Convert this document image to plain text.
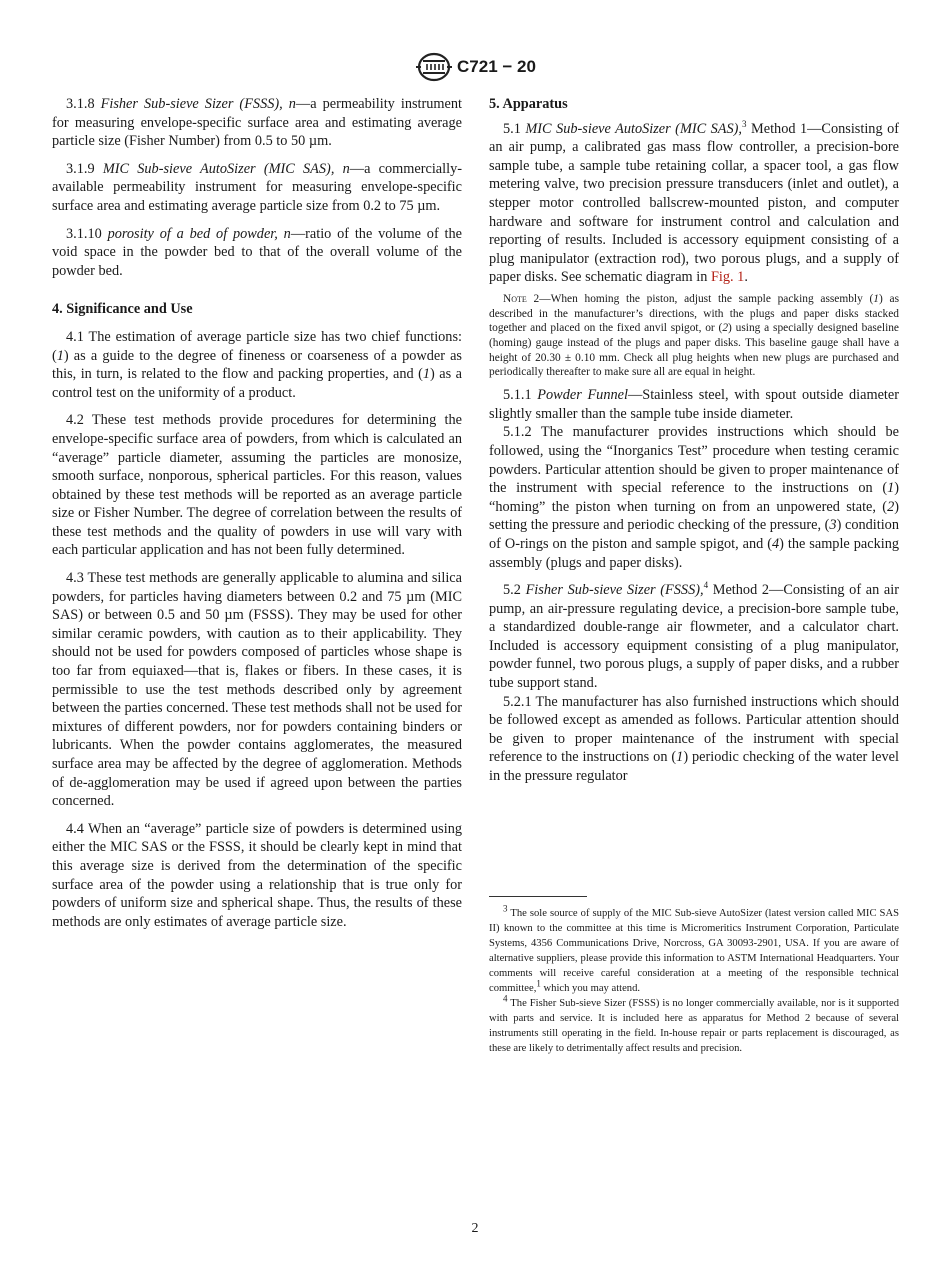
C721 − 20

3.1.8 Fisher Sub-sieve Sizer (FSSS), n—a permeability instrument for measuring envelope-specific surface area and estimating average particle size (Fisher Number) from 0.5 to 50 µm.

3.1.9 MIC Sub-sieve AutoSizer (MIC SAS), n—a commercially-available permeability instrument for measuring envelope-specific surface area and estimating average particle size from 0.2 to 75 µm.

3.1.10 porosity of a bed of powder, n—ratio of the volume of the void space in the powder bed to that of the overall volume of the powder bed.

4. Significance and Use

4.1 The estimation of average particle size has two chief functions: (1) as a guide to the degree of fineness or coarseness of a powder as this, in turn, is related to the flow and packing properties, and (1) as a control test on the uniformity of a product.

4.2 These test methods provide procedures for determining the envelope-specific surface area of powders, from which is calculated an “average” particle diameter, assuming the particles are monosize, smooth surface, nonporous, spherical particles. For this reason, values obtained by these test methods will be reported as an average particle size or Fisher Number. The degree of correlation between the results of these test methods and the quality of powders in use will vary with each particular application and has not been fully determined.

4.3 These test methods are generally applicable to alumina and silica powders, for particles having diameters between 0.2 and 75 µm (MIC SAS) or between 0.5 and 50 µm (FSSS). They may be used for other similar ceramic powders, with caution as to their applicability. They should not be used for powders composed of particles whose shape is too far from equiaxed—that is, flakes or fibers. In these cases, it is permissible to use the test methods described only by agreement between the parties concerned. These test methods shall not be used for mixtures of different powders, nor for powders containing binders or lubricants. When the powder contains agglomerates, the measured surface area may be affected by the degree of agglomeration. Methods of de-agglomeration may be used if agreed upon between the parties concerned.

4.4 When an “average” particle size of powders is determined using either the MIC SAS or the FSSS, it should be clearly kept in mind that this average size is derived from the determination of the specific surface area of the powder using a relationship that is true only for powders of uniform size and spherical shape. Thus, the results of these methods are only estimates of average particle size.

5. Apparatus

5.1 MIC Sub-sieve AutoSizer (MIC SAS),$^3$ Method 1—Consisting of an air pump, a calibrated gas mass flow controller, a precision-bore sample tube, a sample tube retaining collar, a spacer tool, a gas flow metering valve, two precision pressure transducers (inlet and outlet), a stepper motor controlled ballscrew-mounted piston, and computer hardware and software for instrument control and calculation and reporting of results. Included is accessory equipment consisting of a plug manipulator (extraction rod), two porous plugs, and a supply of paper disks. See schematic diagram in Fig. 1.

Note 2—When homing the piston, adjust the sample packing assembly (1) as described in the manufacturer’s directions, with the plugs and paper disks stacked together and placed on the fixed anvil spigot, or (2) using a specially designed baseline (homing) gauge instead of the plugs and paper disks. This baseline gauge shall have a height of 20.30 ± 0.10 mm. Check all plug heights when new plugs are purchased and periodically thereafter to make sure all are equal in height.

5.1.1 Powder Funnel—Stainless steel, with spout outside diameter slightly smaller than the sample tube inside diameter.

5.1.2 The manufacturer provides instructions which should be followed, using the “Inorganics Test” procedure when testing ceramic powders. Particular attention should be given to proper maintenance of the instrument with special reference to the instructions on (1) “homing” the piston when turning on from an unpowered state, (2) setting the pressure and periodic checking of the pressure, (3) condition of O-rings on the piston and sample spigot, and (4) the sample packing assembly (plugs and paper disks).

5.2 Fisher Sub-sieve Sizer (FSSS),$^4$ Method 2—Consisting of an air pump, an air-pressure regulating device, a precision-bore sample tube, a standardized double-range air flowmeter, and a calculator chart. Included is accessory equipment consisting of a plug manipulator, powder funnel, two porous plugs, a supply of paper disks, and a rubber tube support stand.

5.2.1 The manufacturer has also furnished instructions which should be followed except as amended as follows. Particular attention should be given to proper maintenance of the instrument with special reference to the instructions on (1) periodic checking of the water level in the pressure regulator

$^3$ The sole source of supply of the MIC Sub-sieve AutoSizer (latest version called MIC SAS II) known to the committee at this time is Micromeritics Instrument Corporation, Particulate Systems, 4356 Communications Drive, Norcross, GA 30093-2901, USA. If you are aware of alternative suppliers, please provide this information to ASTM International Headquarters. Your comments will receive careful consideration at a meeting of the responsible technical committee,$^1$ which you may attend.

$^4$ The Fisher Sub-sieve Sizer (FSSS) is no longer commercially available, nor is it supported with parts and service. It is included here as apparatus for Method 2 because of several instruments still operating in the field. In-house repair or parts replacement is discouraged, as these are likely to detrimentally affect results and precision.

2
